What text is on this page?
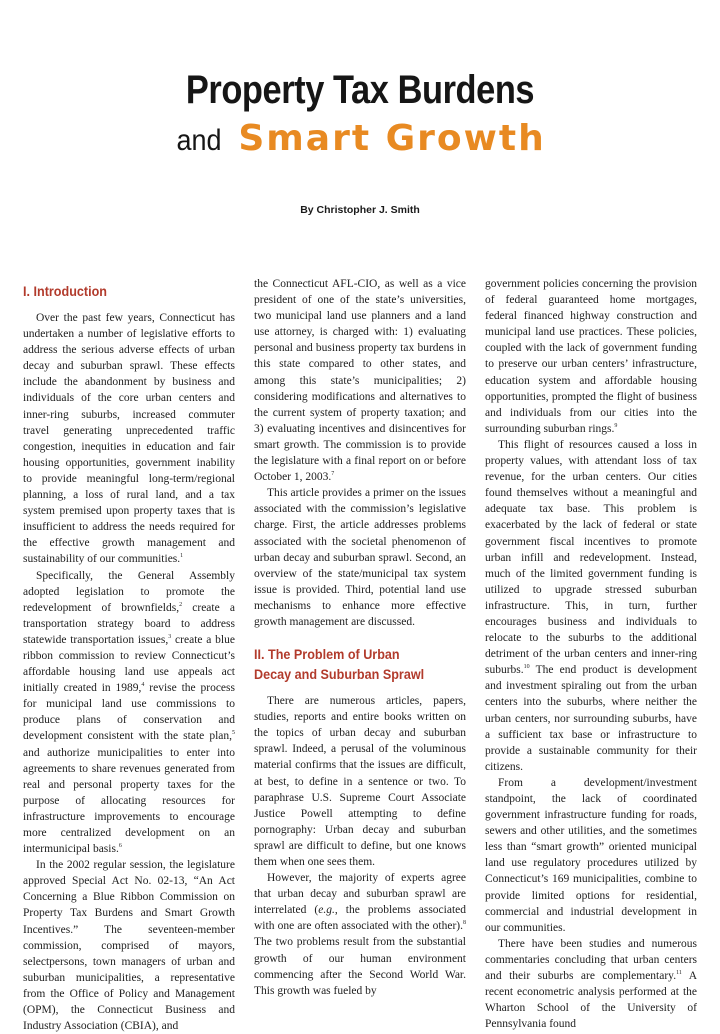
Property Tax Burdens
and Smart Growth
By Christopher J. Smith
I. Introduction

Over the past few years, Connecticut has undertaken a number of legislative efforts to address the serious adverse effects of urban decay and suburban sprawl. These effects include the abandonment by business and individuals of the core urban centers and inner-ring suburbs, increased commuter travel generating unprecedented traffic congestion, inequities in education and fair housing opportunities, government inability to provide meaningful long-term/regional planning, a loss of rural land, and a tax system premised upon property taxes that is insufficient to address the needs required for the effective growth management and sustainability of our communities.$^1$

Specifically, the General Assembly adopted legislation to promote the redevelopment of brownfields,$^2$ create a transportation strategy board to address statewide transportation issues,$^3$ create a blue ribbon commission to review Connecticut’s affordable housing land use appeals act initially created in 1989,$^4$ revise the process for municipal land use commissions to produce plans of conservation and development consistent with the state plan,$^5$ and authorize municipalities to enter into agreements to share revenues generated from real and personal property taxes for the purpose of allocating resources for infrastructure improvements to encourage more centralized development on an intermunicipal basis.$^6$

In the 2002 regular session, the legislature approved Special Act No. 02-13, “An Act Concerning a Blue Ribbon Commission on Property Tax Burdens and Smart Growth Incentives.” The seventeen-member commission, comprised of mayors, selectpersons, town managers of urban and suburban municipalities, a representative from the Office of Policy and Management (OPM), the Connecticut Business and Industry Association (CBIA), and

the Connecticut AFL-CIO, as well as a vice president of one of the state’s universities, two municipal land use planners and a land use attorney, is charged with: 1) evaluating personal and business property tax burdens in this state compared to other states, and among this state’s municipalities; 2) considering modifications and alternatives to the current system of property taxation; and 3) evaluating incentives and disincentives for smart growth. The commission is to provide the legislature with a final report on or before October 1, 2003.$^7$

This article provides a primer on the issues associated with the commission’s legislative charge. First, the article addresses problems associated with the societal phenomenon of urban decay and suburban sprawl. Second, an overview of the state/municipal tax system issue is provided. Third, potential land use mechanisms to enhance more effective growth management are discussed.

II. The Problem of Urban
Decay and Suburban Sprawl

There are numerous articles, papers, studies, reports and entire books written on the topics of urban decay and suburban sprawl. Indeed, a perusal of the voluminous material confirms that the issues are difficult, at best, to define in a sentence or two. To paraphrase U.S. Supreme Court Associate Justice Powell attempting to define pornography: Urban decay and suburban sprawl are difficult to define, but one knows them when one sees them.

However, the majority of experts agree that urban decay and suburban sprawl are interrelated (e.g., the problems associated with one are often associated with the other).$^8$ The two problems result from the substantial growth of our human environment commencing after the Second World War. This growth was fueled by

government policies concerning the provision of federal guaranteed home mortgages, federal financed highway construction and municipal land use practices. These policies, coupled with the lack of government funding to preserve our urban centers’ infrastructure, education system and affordable housing opportunities, prompted the flight of business and individuals from our cities into the surrounding suburban rings.$^9$

This flight of resources caused a loss in property values, with attendant loss of tax revenue, for the urban centers. Our cities found themselves without a meaningful and adequate tax base. This problem is exacerbated by the lack of federal or state government fiscal incentives to promote urban infill and redevelopment. Instead, much of the limited government funding is utilized to upgrade stressed suburban infrastructure. This, in turn, further encourages business and individuals to relocate to the suburbs to the additional detriment of the urban centers and inner-ring suburbs.$^{10}$ The end product is development and investment spiraling out from the urban centers into the suburbs, where neither the urban centers, nor surrounding suburbs, have a sufficient tax base or infrastructure to provide a sustainable community for their citizens.

From a development/investment standpoint, the lack of coordinated government infrastructure funding for roads, sewers and other utilities, and the sometimes less than “smart growth” oriented municipal land use regulatory procedures utilized by Connecticut’s 169 municipalities, combine to provide limited options for residential, commercial and industrial development in our communities.

There have been studies and numerous commentaries concluding that urban centers and their suburbs are complementary.$^{11}$ A recent econometric analysis performed at the Wharton School of the University of Pennsylvania found
